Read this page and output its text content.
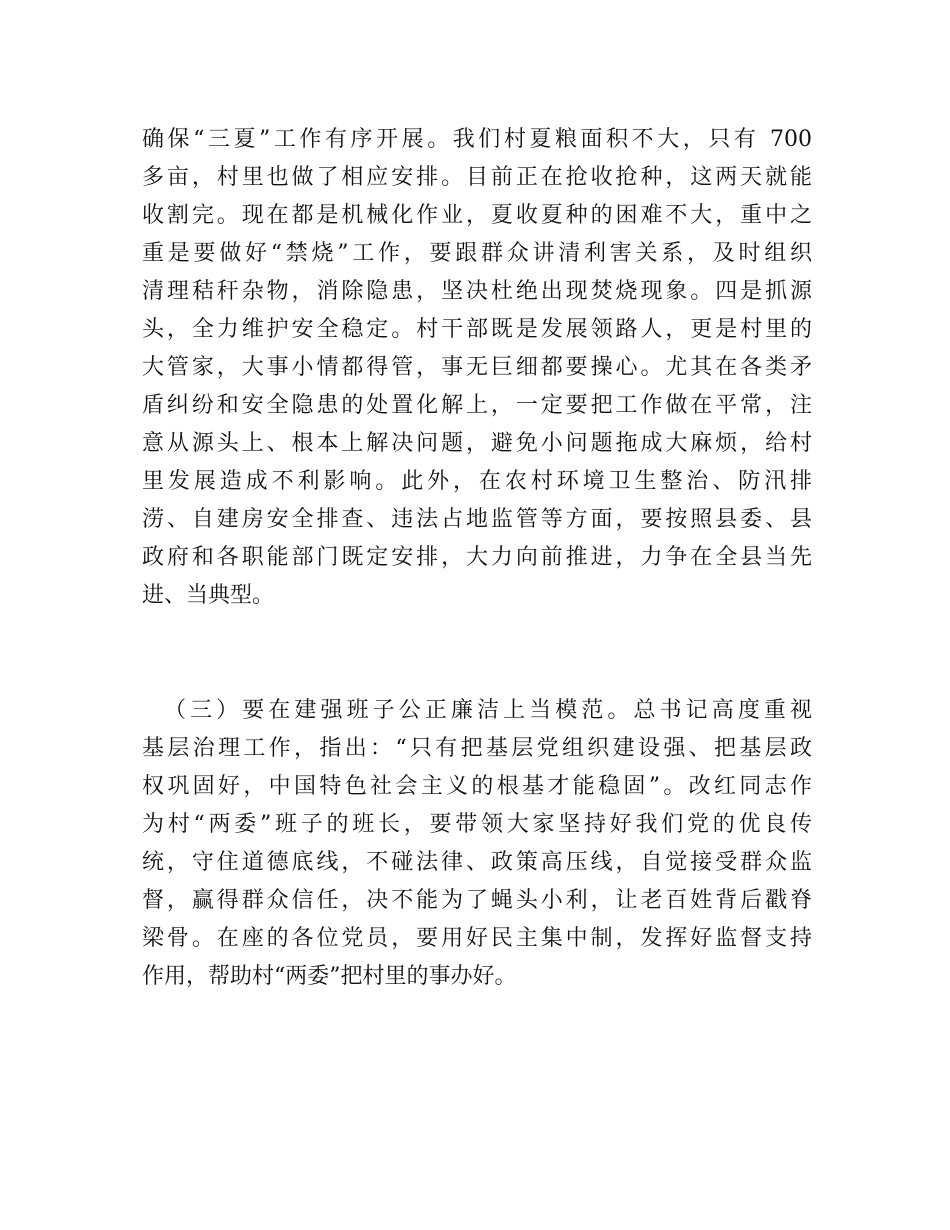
确保“三夏”工作有序开展。我们村夏粮面积不大，只有 700
多亩，村里也做了相应安排。目前正在抢收抢种，这两天就能
收割完。现在都是机械化作业，夏收夏种的困难不大，重中之
重是要做好“禁烧”工作，要跟群众讲清利害关系，及时组织
清理秸秆杂物，消除隐患，坚决杜绝出现焚烧现象。四是抓源
头，全力维护安全稳定。村干部既是发展领路人，更是村里的
大管家，大事小情都得管，事无巨细都要操心。尤其在各类矛
盾纠纷和安全隐患的处置化解上，一定要把工作做在平常，注
意从源头上、根本上解决问题，避免小问题拖成大麻烦，给村
里发展造成不利影响。此外，在农村环境卫生整治、防汛排
涝、自建房安全排查、违法占地监管等方面，要按照县委、县
政府和各职能部门既定安排，大力向前推进，力争在全县当先
进、当典型。
（三）要在建强班子公正廉洁上当模范。总书记高度重视
基层治理工作，指出：“只有把基层党组织建设强、把基层政
权巩固好，中国特色社会主义的根基才能稳固”。改红同志作
为村“两委”班子的班长，要带领大家坚持好我们党的优良传
统，守住道德底线，不碰法律、政策高压线，自觉接受群众监
督，赢得群众信任，决不能为了蝇头小利，让老百姓背后戳脊
梁骨。在座的各位党员，要用好民主集中制，发挥好监督支持
作用，帮助村“两委”把村里的事办好。
